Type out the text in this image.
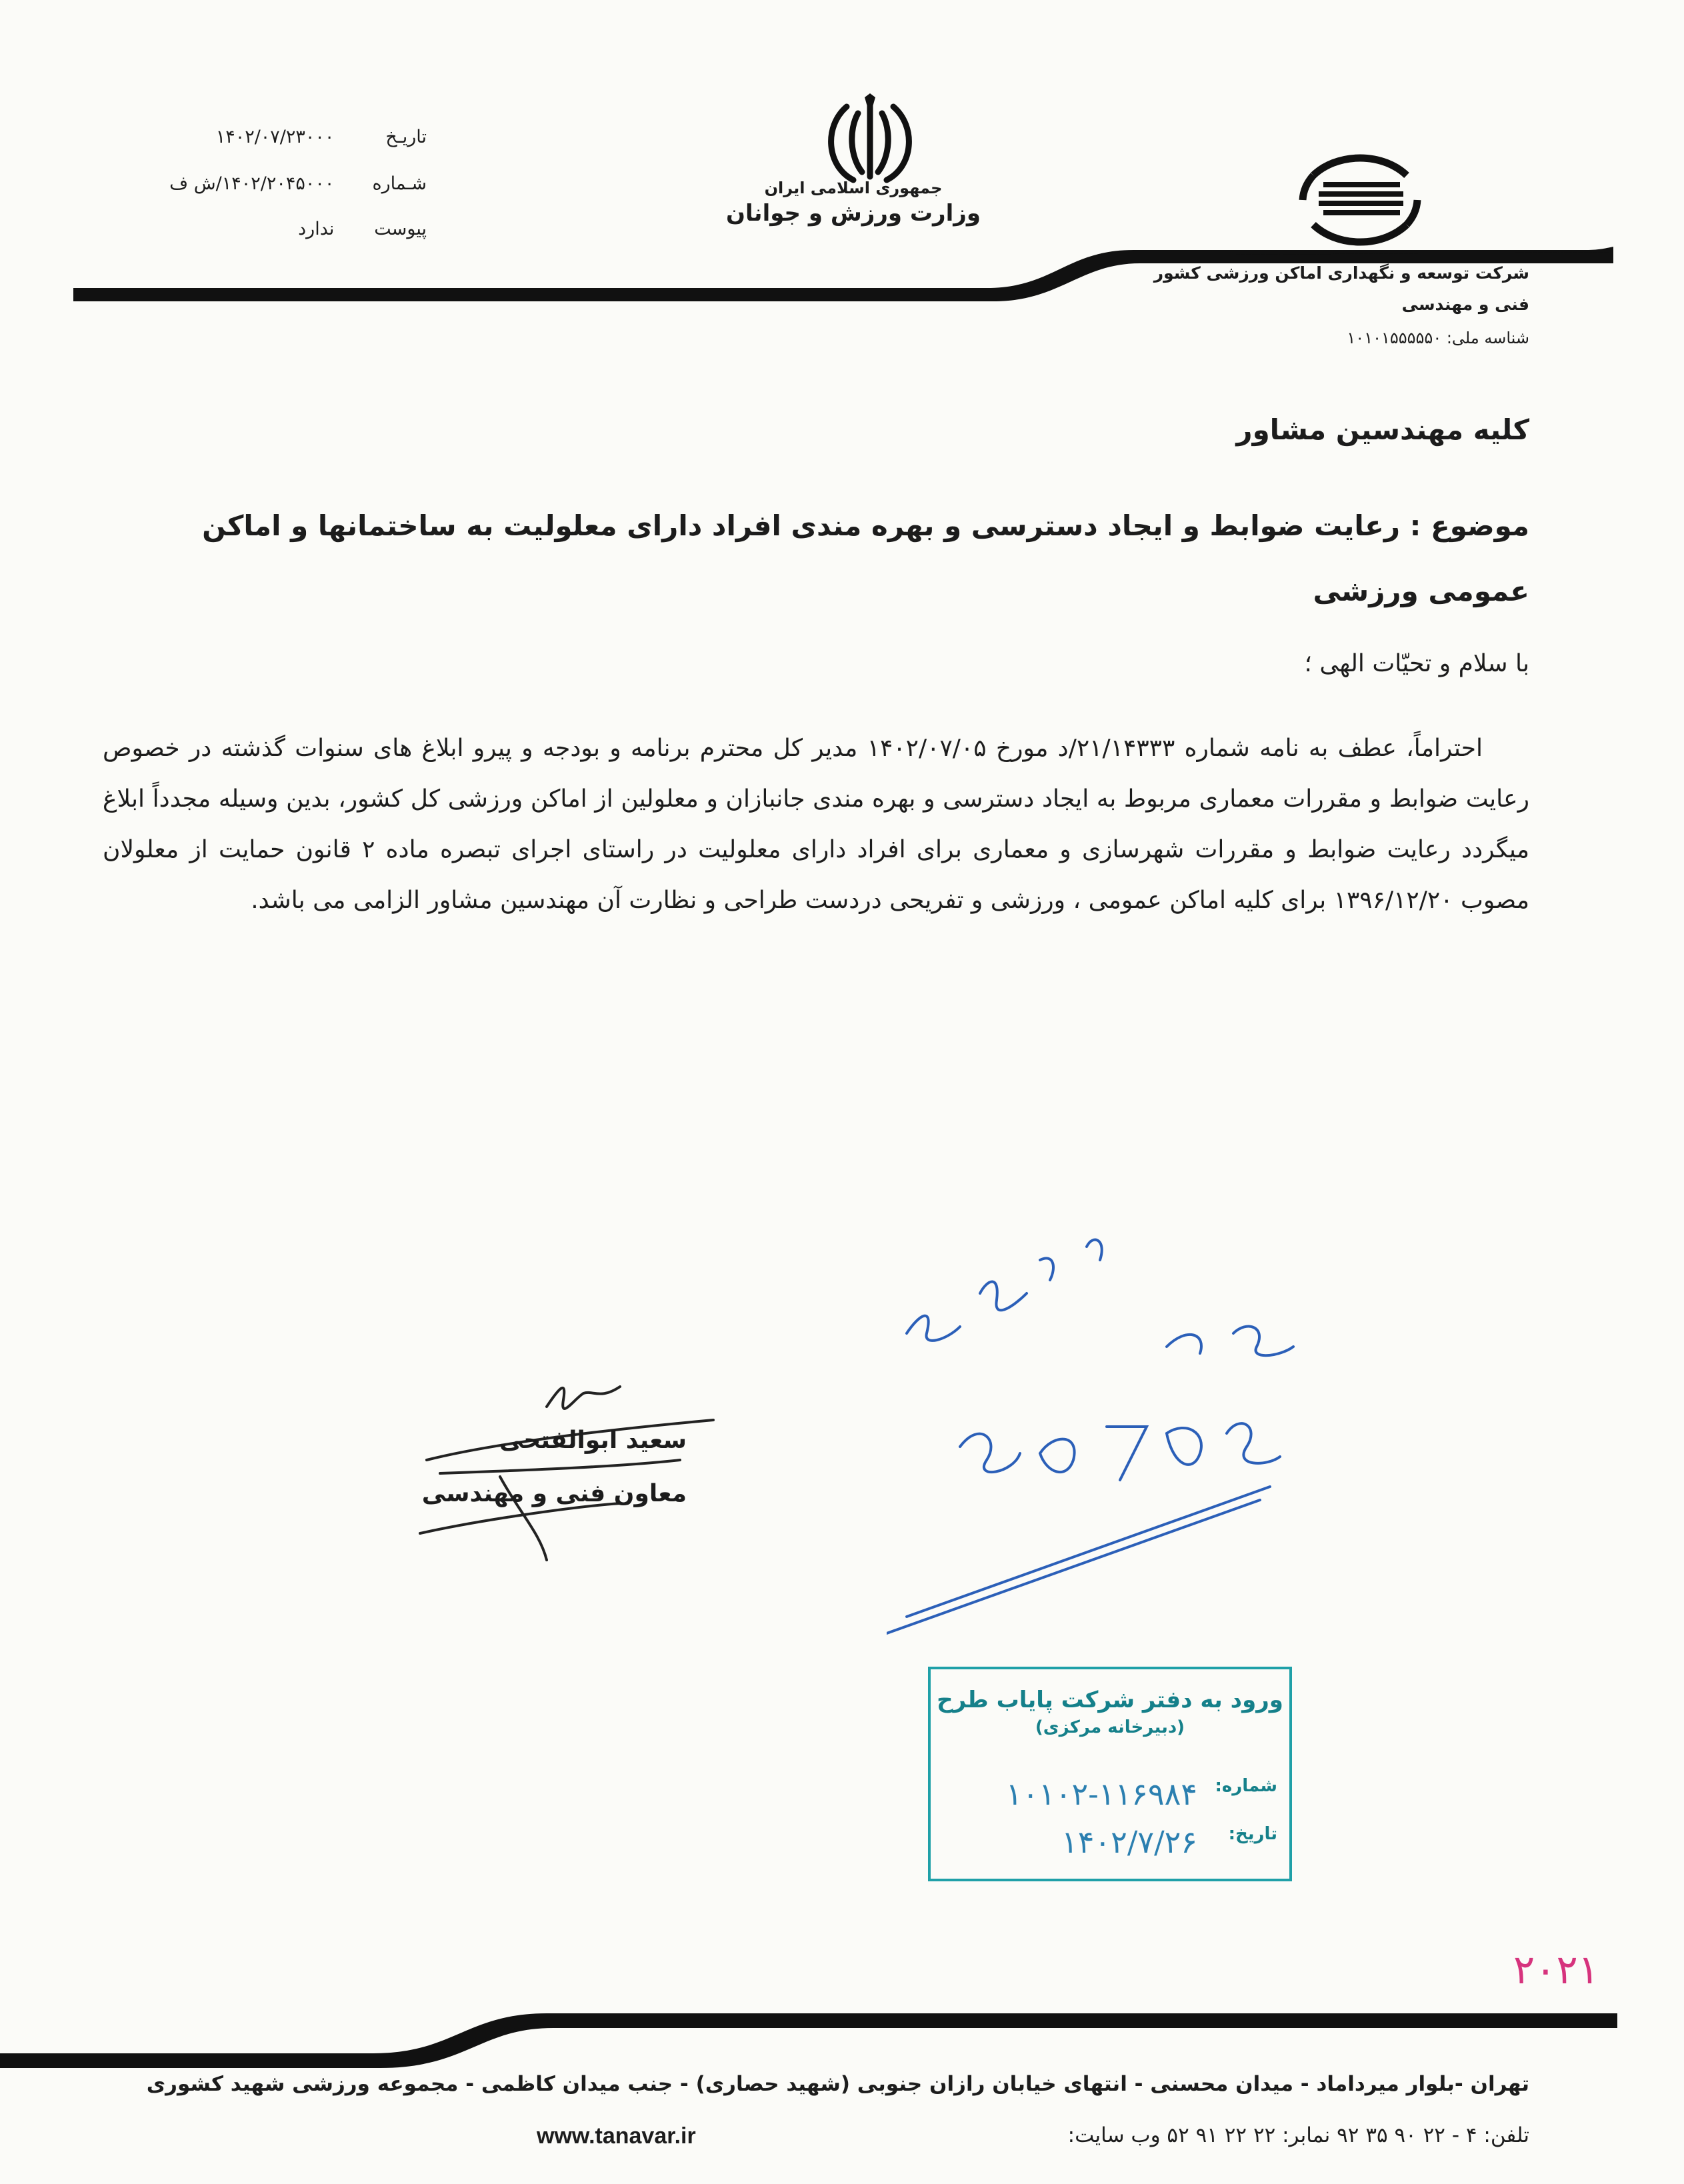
جمهوری اسلامی ایران
وزارت ورزش و جوانان
شرکت توسعه و نگهداری اماکن ورزشی کشور
فنی و مهندسی
شناسه ملی: ۱۰۱۰۱۵۵۵۵۵۰
تاریـخ ۱۴۰۲/۰۷/۲۳۰۰۰
شـماره ۱۴۰۲/۲۰۴۵۰۰۰/ش ف
پیوست ندارد
کلیه مهندسین مشاور
موضوع : رعایت ضوابط و ایجاد دسترسی و بهره مندی افراد دارای معلولیت به ساختمانها و اماکن عمومی ورزشی
با سلام و تحیّات الهی ؛

احتراماً، عطف به نامه شماره ۲۱/۱۴۳۳۳/د مورخ ۱۴۰۲/۰۷/۰۵ مدیر کل محترم برنامه و بودجه و پیرو ابلاغ های سنوات گذشته در خصوص رعایت ضوابط و مقررات معماری مربوط به ایجاد دسترسی و بهره مندی جانبازان و معلولین از اماکن ورزشی کل کشور، بدین وسیله مجدداً ابلاغ میگردد رعایت ضوابط و مقررات شهرسازی و معماری برای افراد دارای معلولیت در راستای اجرای تبصره ماده ۲ قانون حمایت از معلولان مصوب ۱۳۹۶/۱۲/۲۰ برای کلیه اماکن عمومی ، ورزشی و تفریحی دردست طراحی و نظارت آن مهندسین مشاور الزامی می باشد.

سعید ابوالفتحی
معاون فنی و مهندسی
ورود به دفتر شرکت پایاب طرح
(دبیرخانه مرکزی)
شماره:
۱۰۱۰۲-۱۱۶۹۸۴
تاریخ:
۱۴۰۲/۷/۲۶
۲۰۲۱
تهران -بلوار میرداماد - میدان محسنی - انتهای خیابان رازان جنوبی (شهید حصاری) - جنب میدان کاظمی - مجموعه ورزشی شهید کشوری
تلفن: ۴ - ۲۲ ۹۰ ۳۵ ۹۲ نمابر: ۲۲ ۲۲ ۹۱ ۵۲ وب سایت:
www.tanavar.ir
